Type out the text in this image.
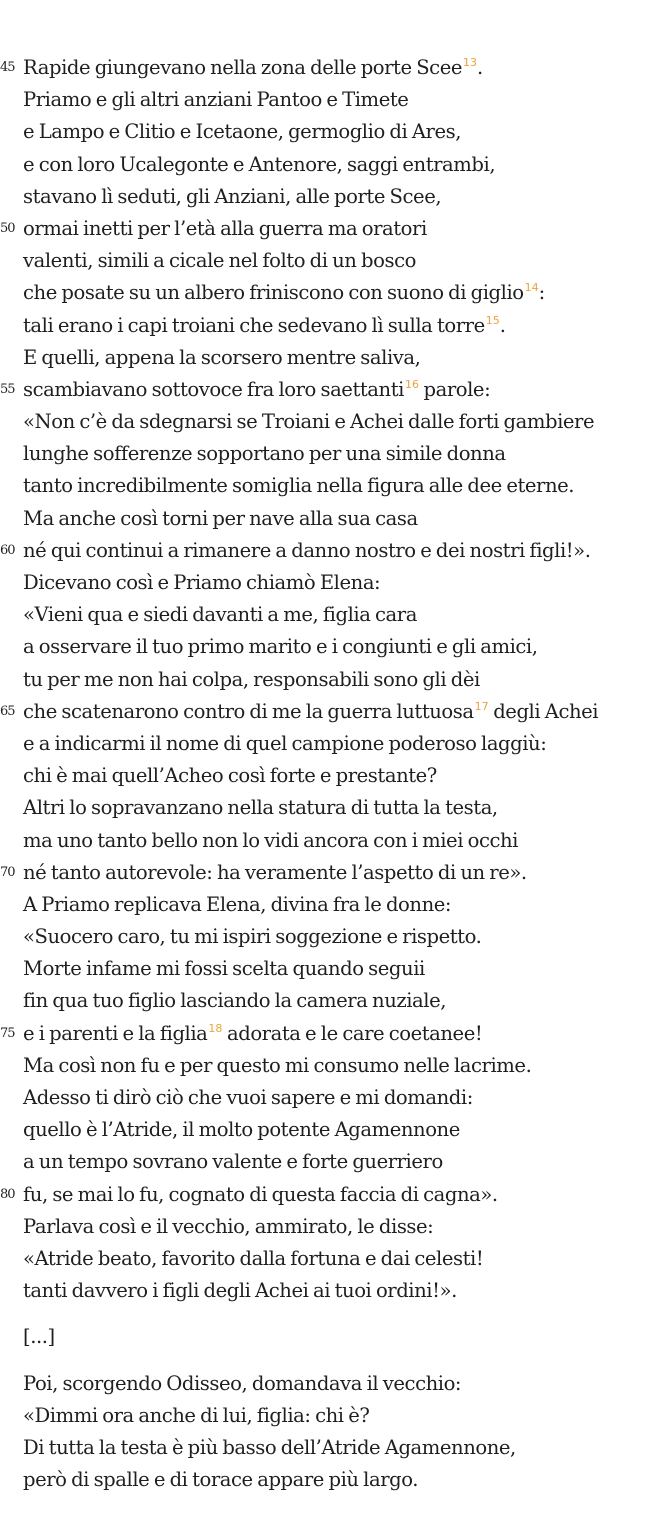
45 Rapide giungevano nella zona delle porte Scee$^{13}$.
Priamo e gli altri anziani Pantoo e Timete
e Lampo e Clitio e Icetaone, germoglio di Ares,
e con loro Ucalegonte e Antenore, saggi entrambi,
stavano lì seduti, gli Anziani, alle porte Scee,
50 ormai inetti per l’età alla guerra ma oratori
valenti, simili a cicale nel folto di un bosco
che posate su un albero friniscono con suono di giglio$^{14}$:
tali erano i capi troiani che sedevano lì sulla torre$^{15}$.
E quelli, appena la scorsero mentre saliva,
55 scambiavano sottovoce fra loro saettanti$^{16}$ parole:
«Non c’è da sdegnarsi se Troiani e Achei dalle forti gambiere
lunghe sofferenze sopportano per una simile donna
tanto incredibilmente somiglia nella figura alle dee eterne.
Ma anche così torni per nave alla sua casa
60 né qui continui a rimanere a danno nostro e dei nostri figli!».
Dicevano così e Priamo chiamò Elena:
«Vieni qua e siedi davanti a me, figlia cara
a osservare il tuo primo marito e i congiunti e gli amici,
tu per me non hai colpa, responsabili sono gli dèi
65 che scatenarono contro di me la guerra luttuosa$^{17}$ degli Achei
e a indicarmi il nome di quel campione poderoso laggiù:
chi è mai quell’Acheo così forte e prestante?
Altri lo sopravanzano nella statura di tutta la testa,
ma uno tanto bello non lo vidi ancora con i miei occhi
70 né tanto autorevole: ha veramente l’aspetto di un re».
A Priamo replicava Elena, divina fra le donne:
«Suocero caro, tu mi ispiri soggezione e rispetto.
Morte infame mi fossi scelta quando seguii
fin qua tuo figlio lasciando la camera nuziale,
75 e i parenti e la figlia$^{18}$ adorata e le care coetanee!
Ma così non fu e per questo mi consumo nelle lacrime.
Adesso ti dirò ciò che vuoi sapere e mi domandi:
quello è l’Atride, il molto potente Agamennone
a un tempo sovrano valente e forte guerriero
80 fu, se mai lo fu, cognato di questa faccia di cagna».
Parlava così e il vecchio, ammirato, le disse:
«Atride beato, favorito dalla fortuna e dai celesti!
tanti davvero i figli degli Achei ai tuoi ordini!».
[...]
Poi, scorgendo Odisseo, domandava il vecchio:
«Dimmi ora anche di lui, figlia: chi è?
Di tutta la testa è più basso dell’Atride Agamennone,
però di spalle e di torace appare più largo.
